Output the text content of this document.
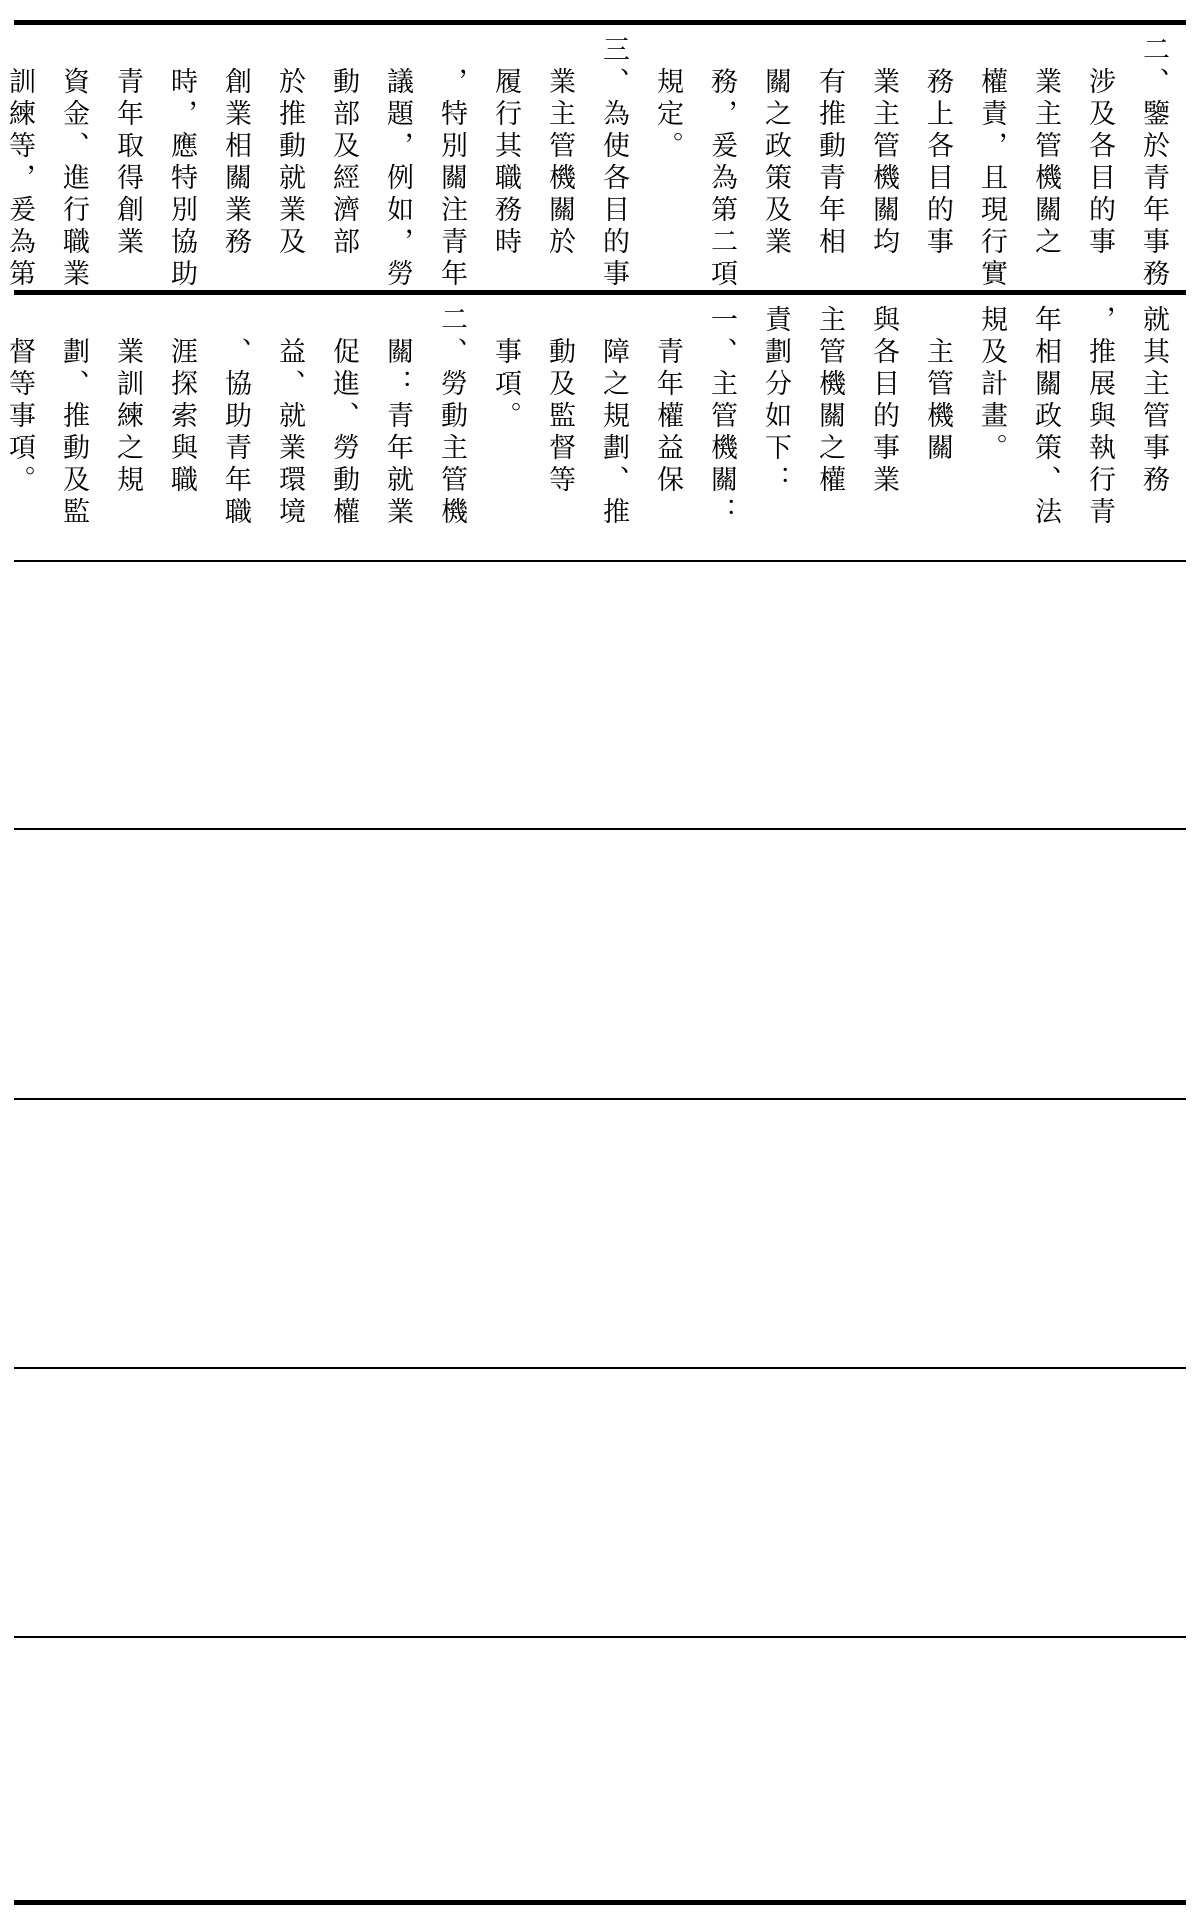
二、鑒於青年事務
　涉及各目的事
　業主管機關之
　權責，且現行實
　務上各目的事
　業主管機關均
　有推動青年相
　關之政策及業
　務，爰為第二項
　規定。
三、為使各目的事
　業主管機關於
　履行其職務時
　，特別關注青年
　議題，例如，勞
　動部及經濟部
　於推動就業及
　創業相關業務
　時，應特別協助
　青年取得創業
　資金、進行職業
　訓練等，爰為第
就其主管事務
，推展與執行青
年相關政策、法
規及計畫。
　主管機關
與各目的事業
主管機關之權
責劃分如下：
一、主管機關：
　青年權益保
　障之規劃、推
　動及監督等
　事項。
二、勞動主管機
　關：青年就業
　促進、勞動權
　益、就業環境
　、協助青年職
　涯探索與職
　業訓練之規
　劃、推動及監
　督等事項。
